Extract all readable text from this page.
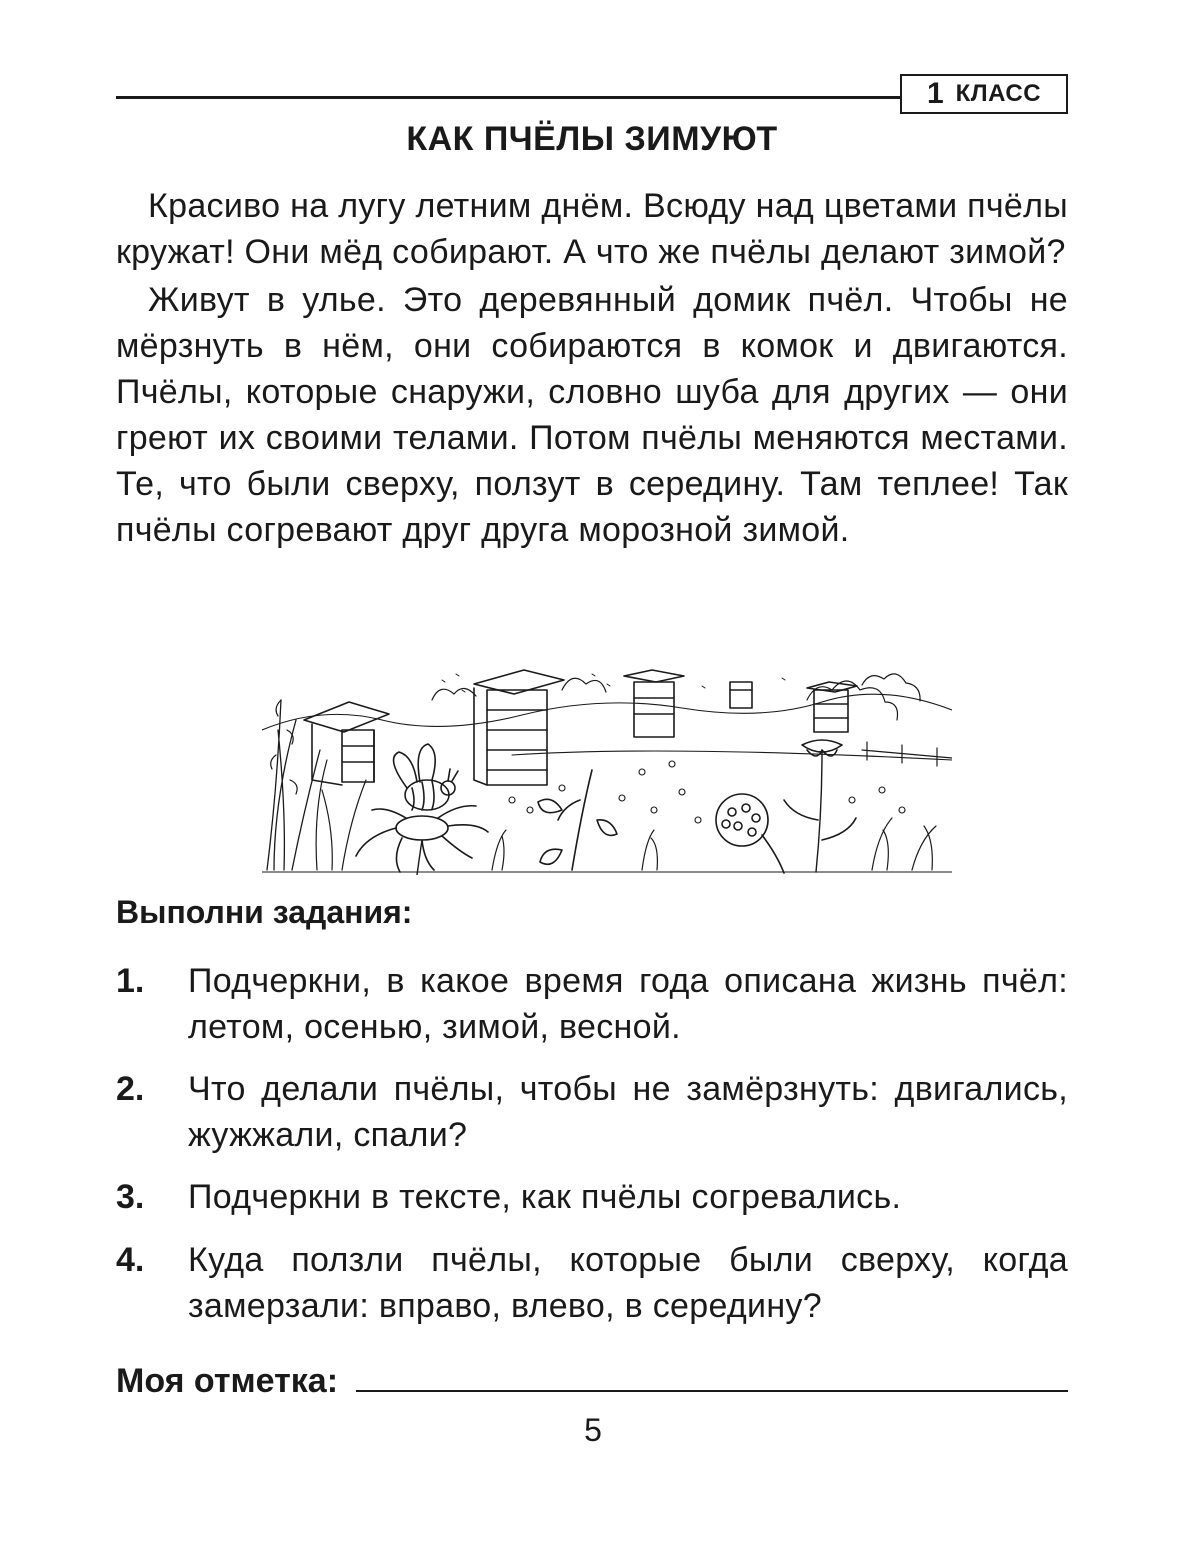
1 КЛАСС
КАК ПЧЁЛЫ ЗИМУЮТ

Красиво на лугу летним днём. Всюду над цветами пчёлы кружат! Они мёд собирают. А что же пчёлы делают зимой?

Живут в улье. Это деревянный домик пчёл. Чтобы не мёрзнуть в нём, они собираются в комок и двигаются. Пчёлы, которые снаружи, словно шуба для других — они греют их своими телами. Потом пчёлы меняются местами. Те, что были сверху, ползут в середину. Там теплее! Так пчёлы согревают друг друга морозной зимой.

Выполни задания:
1.	Подчеркни, в какое время года описана жизнь пчёл: летом, осенью, зимой, весной.
2.	Что делали пчёлы, чтобы не замёрзнуть: двигались, жужжали, спали?
3.	Подчеркни в тексте, как пчёлы согревались.
4.	Куда ползли пчёлы, которые были сверху, когда замерзали: вправо, влево, в середину?
Моя отметка:
5
